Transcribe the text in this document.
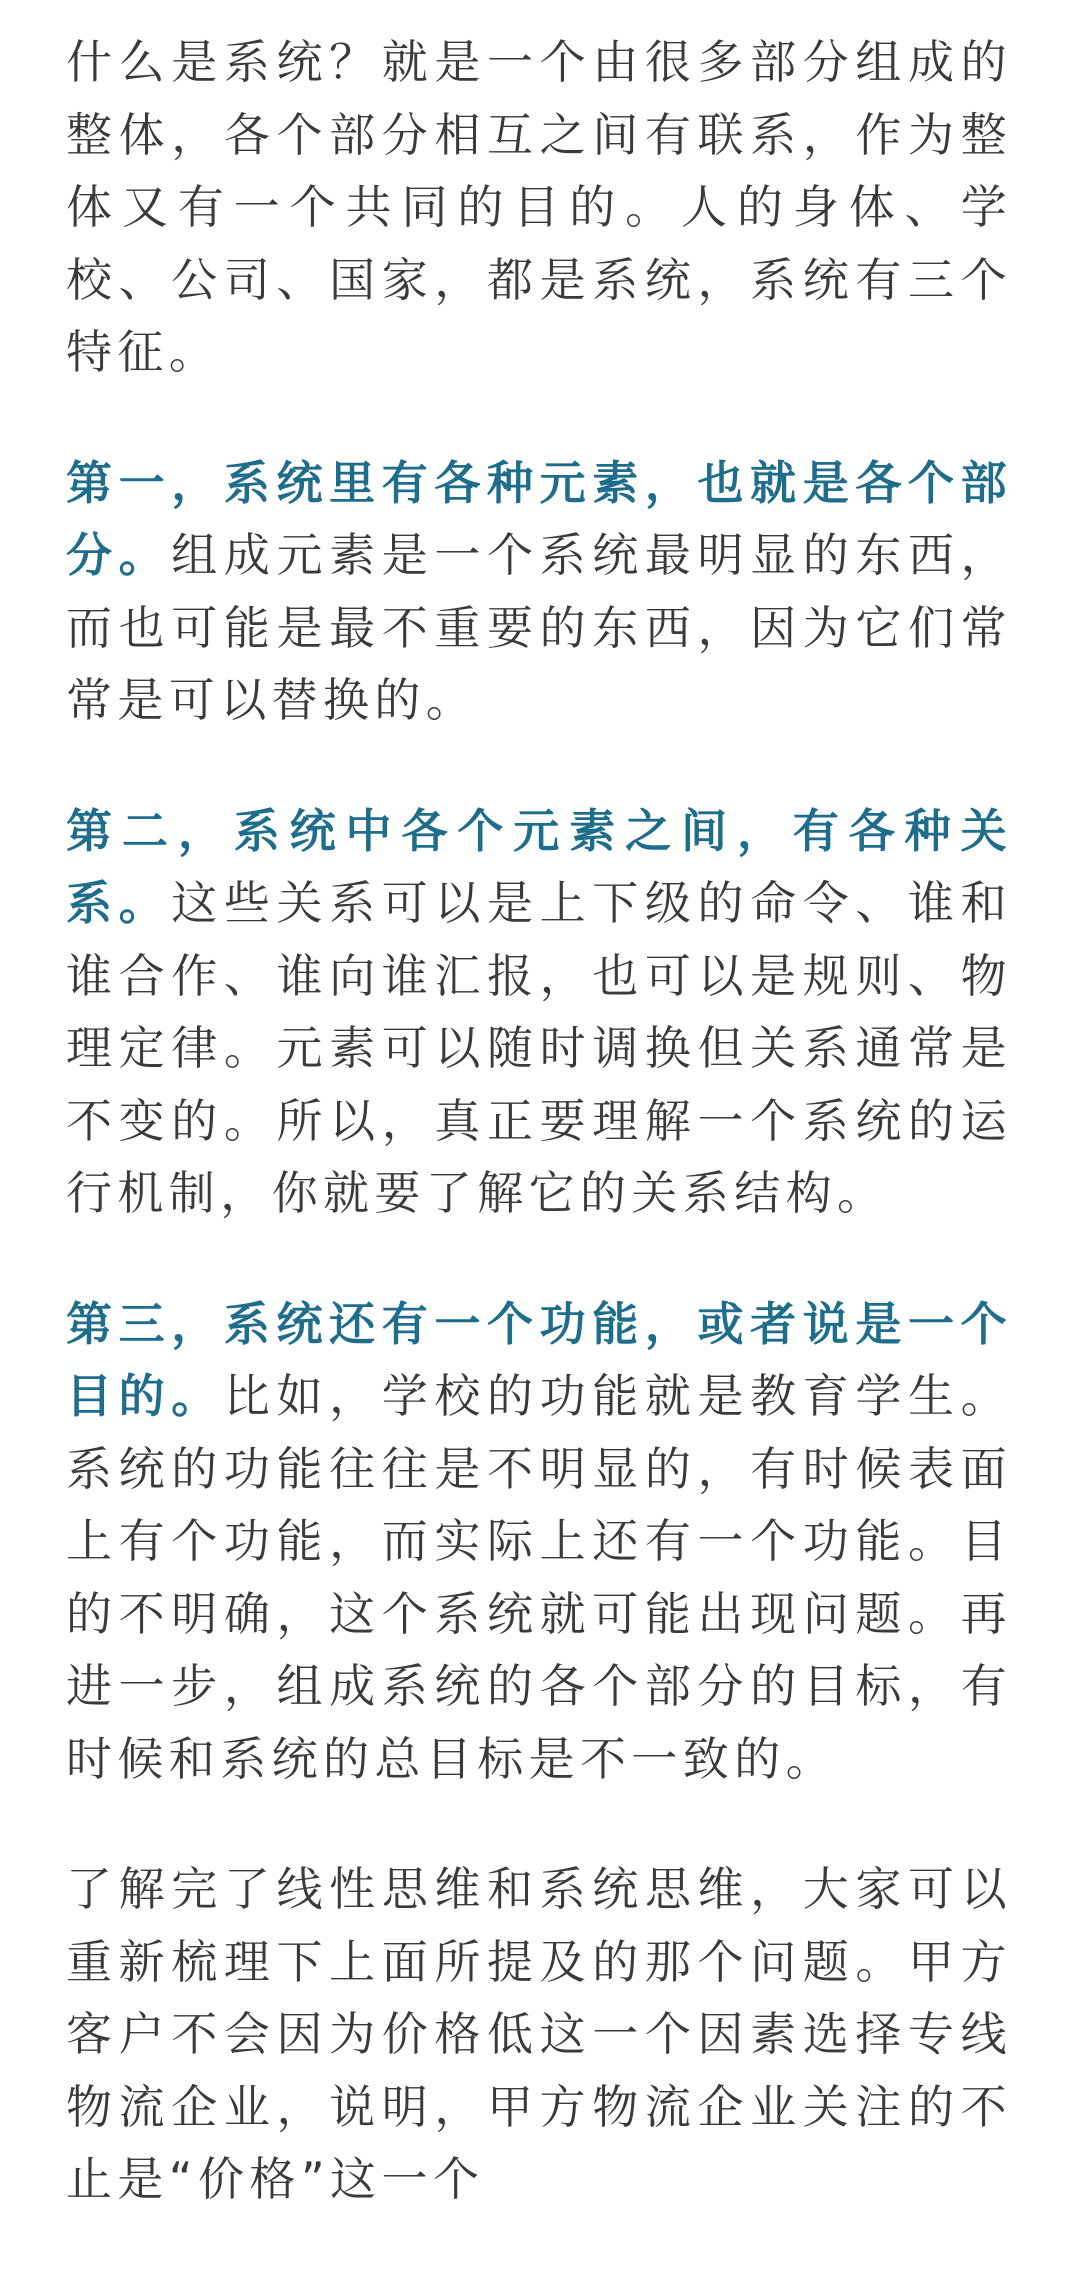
什么是系统？就是一个由很多部分组成的整体，各个部分相互之间有联系，作为整体又有一个共同的目的。人的身体、学校、公司、国家，都是系统，系统有三个特征。

第一，系统里有各种元素，也就是各个部分。组成元素是一个系统最明显的东西，而也可能是最不重要的东西，因为它们常常是可以替换的。

第二，系统中各个元素之间，有各种关系。这些关系可以是上下级的命令、谁和谁合作、谁向谁汇报，也可以是规则、物理定律。元素可以随时调换但关系通常是不变的。所以，真正要理解一个系统的运行机制，你就要了解它的关系结构。

第三，系统还有一个功能，或者说是一个目的。比如，学校的功能就是教育学生。系统的功能往往是不明显的，有时候表面上有个功能，而实际上还有一个功能。目的不明确，这个系统就可能出现问题。再进一步，组成系统的各个部分的目标，有时候和系统的总目标是不一致的。

了解完了线性思维和系统思维，大家可以重新梳理下上面所提及的那个问题。甲方客户不会因为价格低这一个因素选择专线物流企业，说明，甲方物流企业关注的不止是“价格”这一个
